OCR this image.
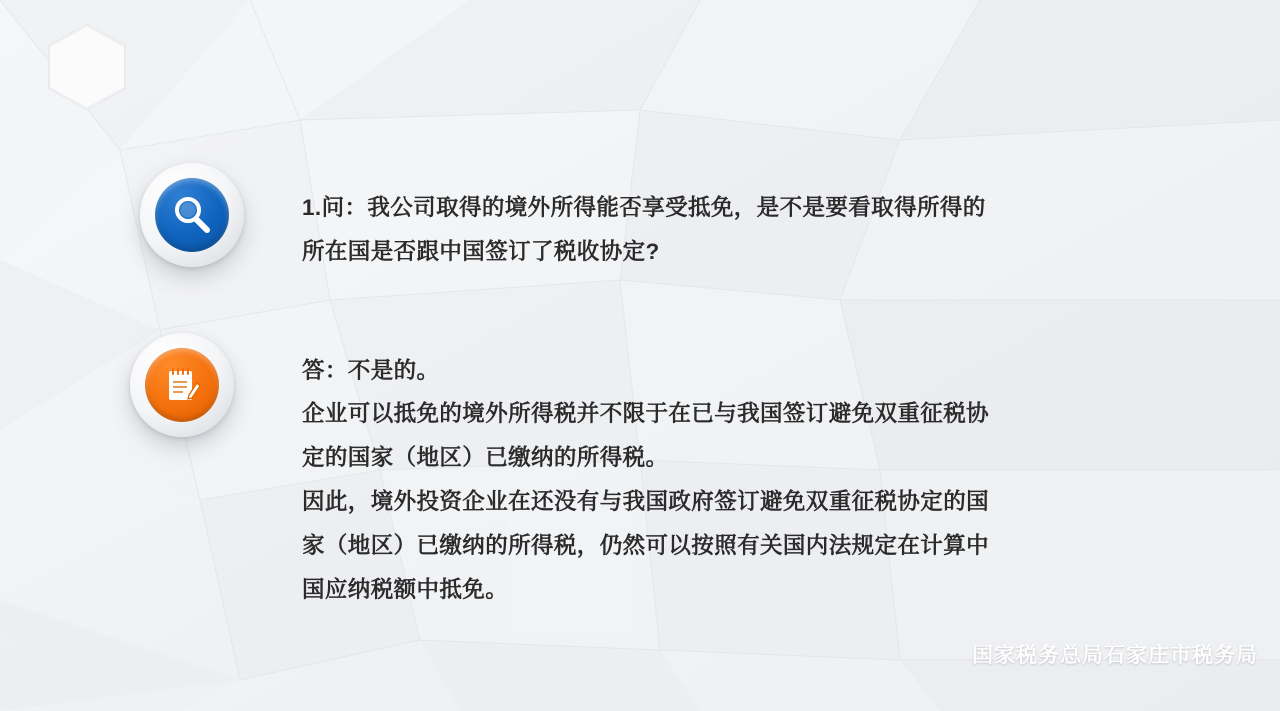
1.问：我公司取得的境外所得能否享受抵免，是不是要看取得所得的
所在国是否跟中国签订了税收协定?
答：不是的。
企业可以抵免的境外所得税并不限于在已与我国签订避免双重征税协
定的国家（地区）已缴纳的所得税。
因此，境外投资企业在还没有与我国政府签订避免双重征税协定的国
家（地区）已缴纳的所得税，仍然可以按照有关国内法规定在计算中
国应纳税额中抵免。
国家税务总局石家庄市税务局
